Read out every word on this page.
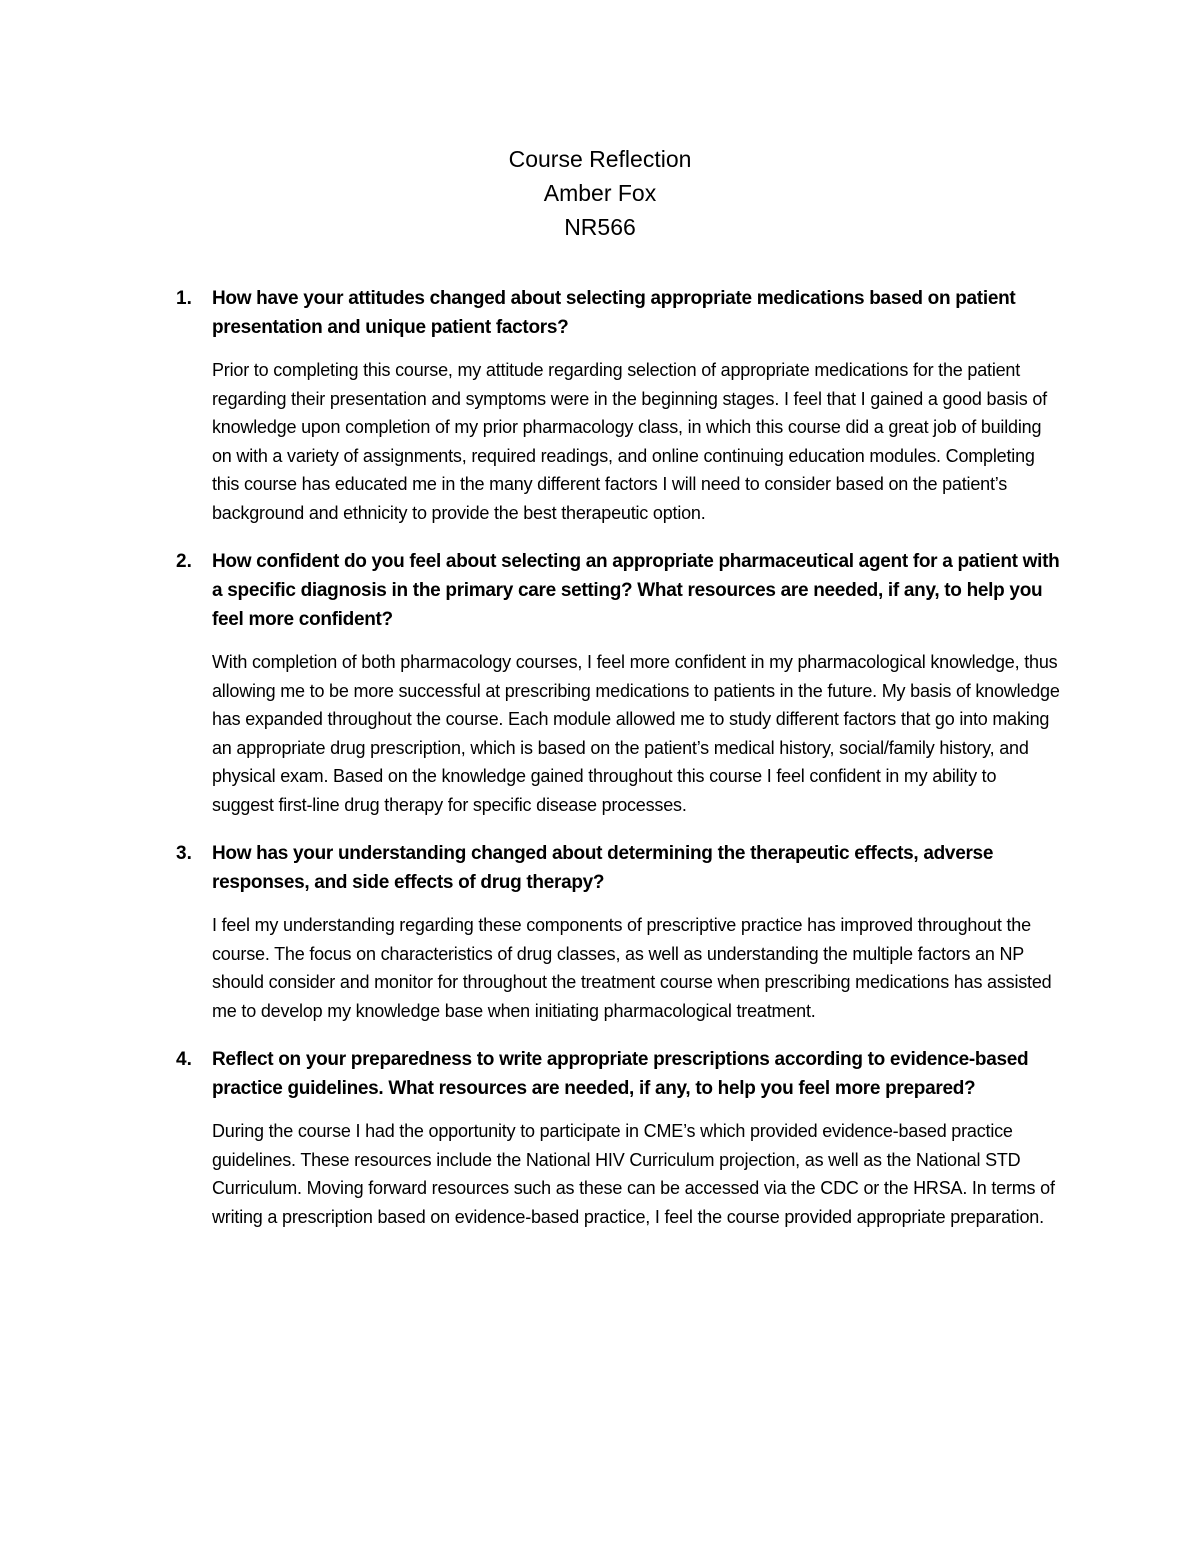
Course Reflection

Amber Fox

NR566

1. How have your attitudes changed about selecting appropriate medications based on patient presentation and unique patient factors?

Prior to completing this course, my attitude regarding selection of appropriate medications for the patient regarding their presentation and symptoms were in the beginning stages. I feel that I gained a good basis of knowledge upon completion of my prior pharmacology class, in which this course did a great job of building on with a variety of assignments, required readings, and online continuing education modules. Completing this course has educated me in the many different factors I will need to consider based on the patient’s background and ethnicity to provide the best therapeutic option.

2. How confident do you feel about selecting an appropriate pharmaceutical agent for a patient with a specific diagnosis in the primary care setting? What resources are needed, if any, to help you feel more confident?

With completion of both pharmacology courses, I feel more confident in my pharmacological knowledge, thus allowing me to be more successful at prescribing medications to patients in the future. My basis of knowledge has expanded throughout the course. Each module allowed me to study different factors that go into making an appropriate drug prescription, which is based on the patient’s medical history, social/family history, and physical exam. Based on the knowledge gained throughout this course I feel confident in my ability to suggest first-line drug therapy for specific disease processes.

3. How has your understanding changed about determining the therapeutic effects, adverse responses, and side effects of drug therapy?

I feel my understanding regarding these components of prescriptive practice has improved throughout the course. The focus on characteristics of drug classes, as well as understanding the multiple factors an NP should consider and monitor for throughout the treatment course when prescribing medications has assisted me to develop my knowledge base when initiating pharmacological treatment.

4. Reflect on your preparedness to write appropriate prescriptions according to evidence-based practice guidelines. What resources are needed, if any, to help you feel more prepared?

During the course I had the opportunity to participate in CME’s which provided evidence-based practice guidelines. These resources include the National HIV Curriculum projection, as well as the National STD Curriculum. Moving forward resources such as these can be accessed via the CDC or the HRSA. In terms of writing a prescription based on evidence-based practice, I feel the course provided appropriate preparation.
